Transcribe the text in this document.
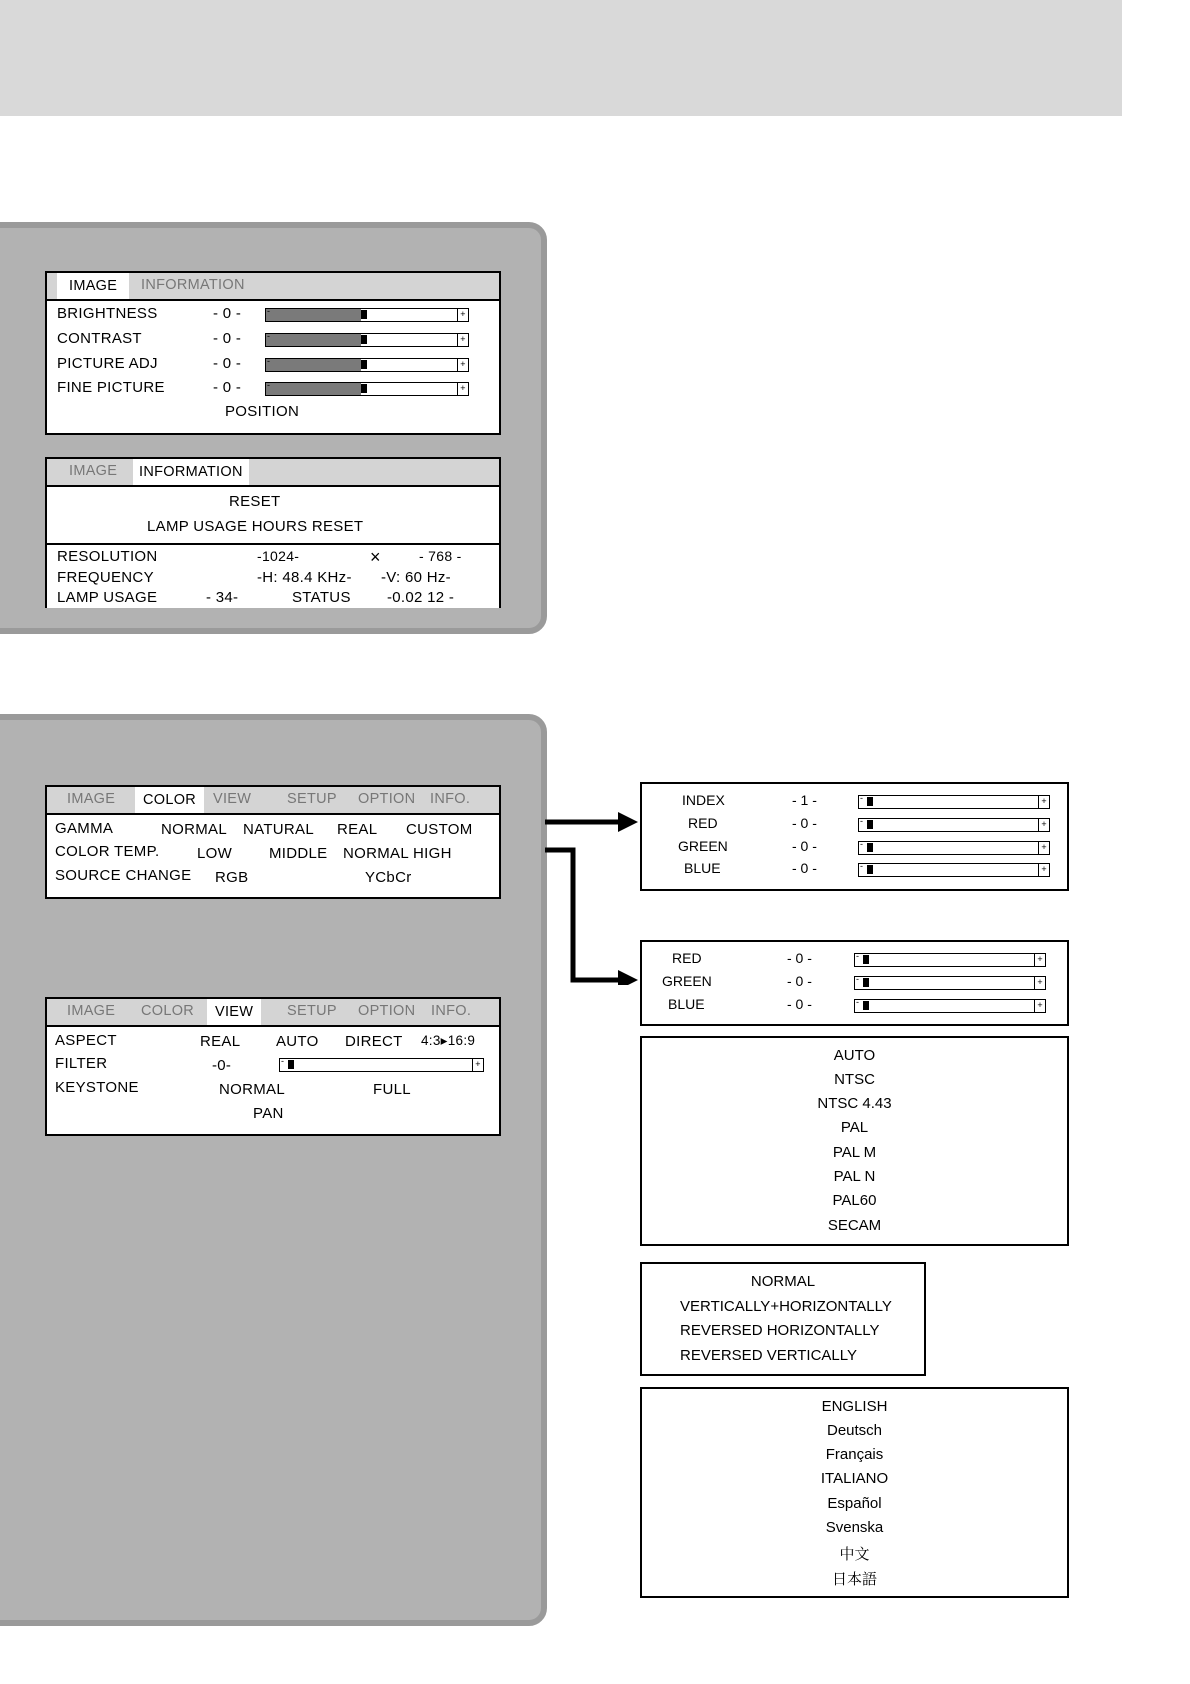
IMAGE	INFORMATION
BRIGHTNESS	- 0 -	-	+
CONTRAST	- 0 -	-	+
PICTURE ADJ	- 0 -	-	+
FINE PICTURE	- 0 -	-	+
POSITION
IMAGE	INFORMATION
RESET
LAMP USAGE HOURS RESET
RESOLUTION	-1024-	×	- 768 -
FREQUENCY	-H: 48.4 KHz- -V: 60 Hz-
LAMP USAGE	- 34-	STATUS -0.02 12 -
IMAGE	COLOR	VIEW SETUP OPTION INFO.
GAMMA	NORMAL NATURAL REAL CUSTOM
COLOR TEMP.	LOW MIDDLE NORMAL HIGH
SOURCE CHANGE RGB	YCbCr
IMAGE COLOR	VIEW	SETUP OPTION INFO.
ASPECT	REAL AUTO DIRECT 4:3▸16:9
FILTER	-0-	-	+
KEYSTONE	NORMAL	FULL
PAN
INDEX	- 1 -	-	+
RED	- 0 -	-	+
GREEN	- 0 -	-	+
BLUE	- 0 -	-	+
RED	- 0 -	-	+
GREEN	- 0 -	-	+
BLUE	- 0 -	-	+
AUTO
NTSC
NTSC 4.43
PAL
PAL M
PAL N
PAL60
SECAM
NORMAL
VERTICALLY+HORIZONTALLY
REVERSED HORIZONTALLY
REVERSED VERTICALLY
ENGLISH
Deutsch
Français
ITALIANO
Español
Svenska
中文
日本語
